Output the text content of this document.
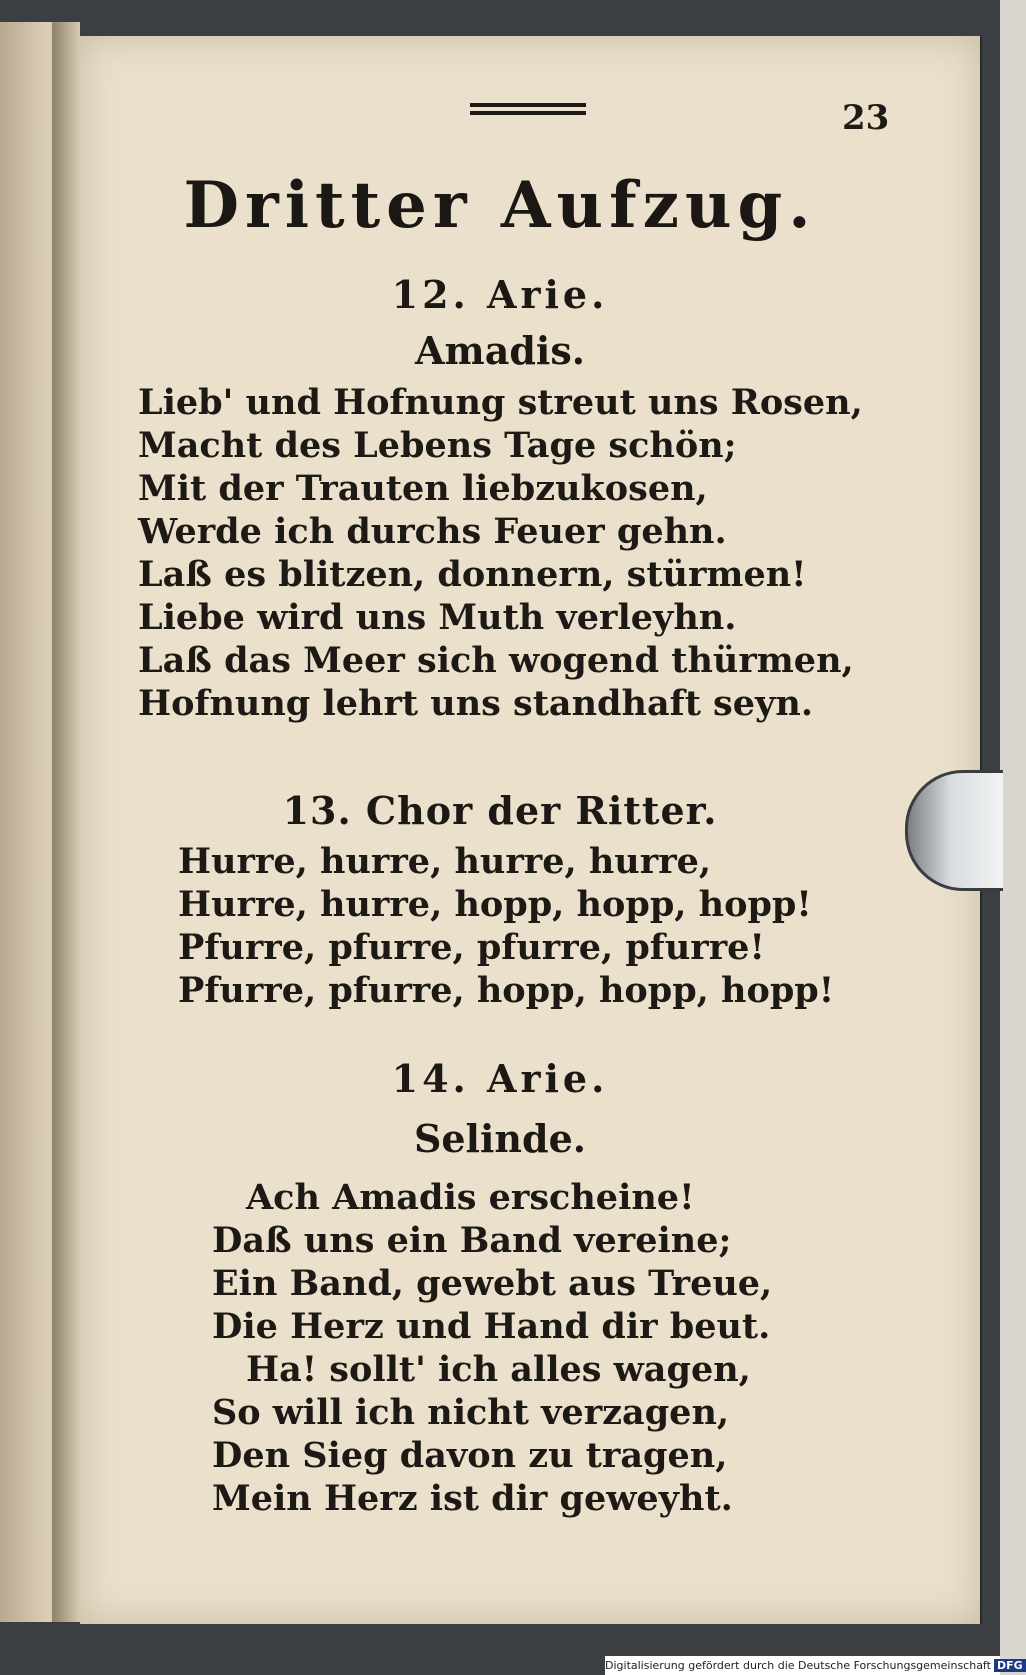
23
Dritter Aufzug.
12. Arie.
Amadis.
Lieb' und Hofnung streut uns Rosen,
Macht des Lebens Tage schön;
Mit der Trauten liebzukosen,
Werde ich durchs Feuer gehn.
Laß es blitzen, donnern, stürmen!
Liebe wird uns Muth verleyhn.
Laß das Meer sich wogend thürmen,
Hofnung lehrt uns standhaft seyn.
13. Chor der Ritter.
Hurre, hurre, hurre, hurre,
Hurre, hurre, hopp, hopp, hopp!
Pfurre, pfurre, pfurre, pfurre!
Pfurre, pfurre, hopp, hopp, hopp!
14. Arie.
Selinde.
Ach Amadis erscheine!
Daß uns ein Band vereine;
Ein Band, gewebt aus Treue,
Die Herz und Hand dir beut.
Ha! sollt' ich alles wagen,
So will ich nicht verzagen,
Den Sieg davon zu tragen,
Mein Herz ist dir geweyht.
Digitalisierung gefördert durch die Deutsche Forschungsgemeinschaft DFG
